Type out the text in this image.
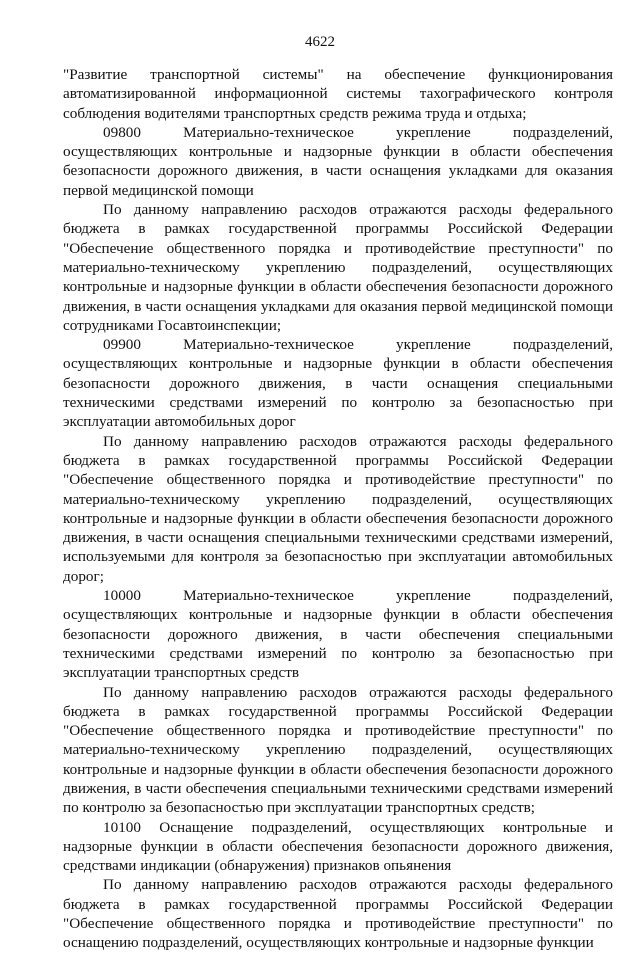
4622

"Развитие транспортной системы" на обеспечение функционирования автоматизированной информационной системы тахографического контроля соблюдения водителями транспортных средств режима труда и отдыха;

09800 Материально-техническое укрепление подразделений, осуществляющих контрольные и надзорные функции в области обеспечения безопасности дорожного движения, в части оснащения укладками для оказания первой медицинской помощи

По данному направлению расходов отражаются расходы федерального бюджета в рамках государственной программы Российской Федерации "Обеспечение общественного порядка и противодействие преступности" по материально-техническому укреплению подразделений, осуществляющих контрольные и надзорные функции в области обеспечения безопасности дорожного движения, в части оснащения укладками для оказания первой медицинской помощи сотрудниками Госавтоинспекции;

09900 Материально-техническое укрепление подразделений, осуществляющих контрольные и надзорные функции в области обеспечения безопасности дорожного движения, в части оснащения специальными техническими средствами измерений по контролю за безопасностью при эксплуатации автомобильных дорог

По данному направлению расходов отражаются расходы федерального бюджета в рамках государственной программы Российской Федерации "Обеспечение общественного порядка и противодействие преступности" по материально-техническому укреплению подразделений, осуществляющих контрольные и надзорные функции в области обеспечения безопасности дорожного движения, в части оснащения специальными техническими средствами измерений, используемыми для контроля за безопасностью при эксплуатации автомобильных дорог;

10000 Материально-техническое укрепление подразделений, осуществляющих контрольные и надзорные функции в области обеспечения безопасности дорожного движения, в части обеспечения специальными техническими средствами измерений по контролю за безопасностью при эксплуатации транспортных средств

По данному направлению расходов отражаются расходы федерального бюджета в рамках государственной программы Российской Федерации "Обеспечение общественного порядка и противодействие преступности" по материально-техническому укреплению подразделений, осуществляющих контрольные и надзорные функции в области обеспечения безопасности дорожного движения, в части обеспечения специальными техническими средствами измерений по контролю за безопасностью при эксплуатации транспортных средств;

10100 Оснащение подразделений, осуществляющих контрольные и надзорные функции в области обеспечения безопасности дорожного движения, средствами индикации (обнаружения) признаков опьянения

По данному направлению расходов отражаются расходы федерального бюджета в рамках государственной программы Российской Федерации "Обеспечение общественного порядка и противодействие преступности" по оснащению подразделений, осуществляющих контрольные и надзорные функции
